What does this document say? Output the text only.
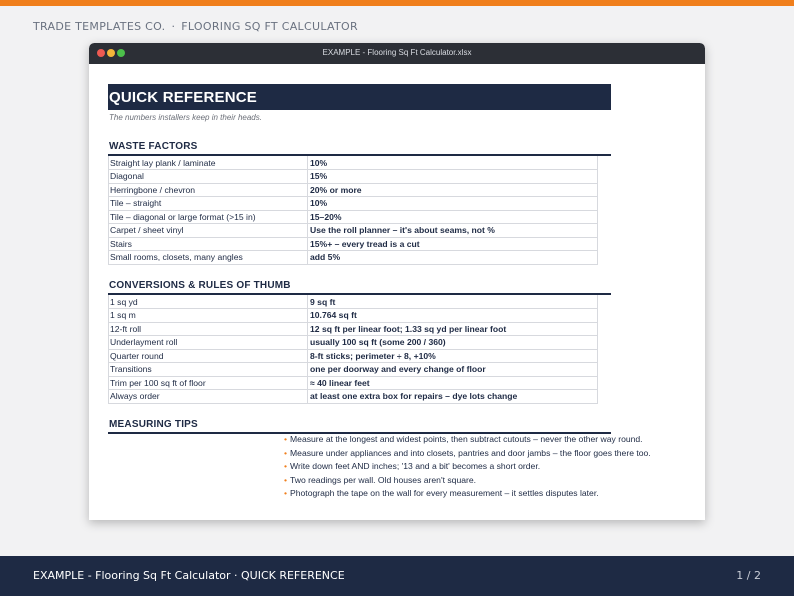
TRADE TEMPLATES CO. · FLOORING SQ FT CALCULATOR
EXAMPLE - Flooring Sq Ft Calculator.xlsx
QUICK REFERENCE
The numbers installers keep in their heads.
WASTE FACTORS
Straight lay plank / laminate	10%
Diagonal	15%
Herringbone / chevron	20% or more
Tile – straight	10%
Tile – diagonal or large format (>15 in)	15–20%
Carpet / sheet vinyl	Use the roll planner – it's about seams, not %
Stairs	15%+ – every tread is a cut
Small rooms, closets, many angles	add 5%
CONVERSIONS & RULES OF THUMB
1 sq yd	9 sq ft
1 sq m	10.764 sq ft
12-ft roll	12 sq ft per linear foot; 1.33 sq yd per linear foot
Underlayment roll	usually 100 sq ft (some 200 / 360)
Quarter round	8-ft sticks; perimeter ÷ 8, +10%
Transitions	one per doorway and every change of floor
Trim per 100 sq ft of floor	≈ 40 linear feet
Always order	at least one extra box for repairs – dye lots change
MEASURING TIPS
• Measure at the longest and widest points, then subtract cutouts – never the other way round.
• Measure under appliances and into closets, pantries and door jambs – the floor goes there too.
• Write down feet AND inches; '13 and a bit' becomes a short order.
• Two readings per wall. Old houses aren't square.
• Photograph the tape on the wall for every measurement – it settles disputes later.
EXAMPLE - Flooring Sq Ft Calculator · QUICK REFERENCE	1 / 2
